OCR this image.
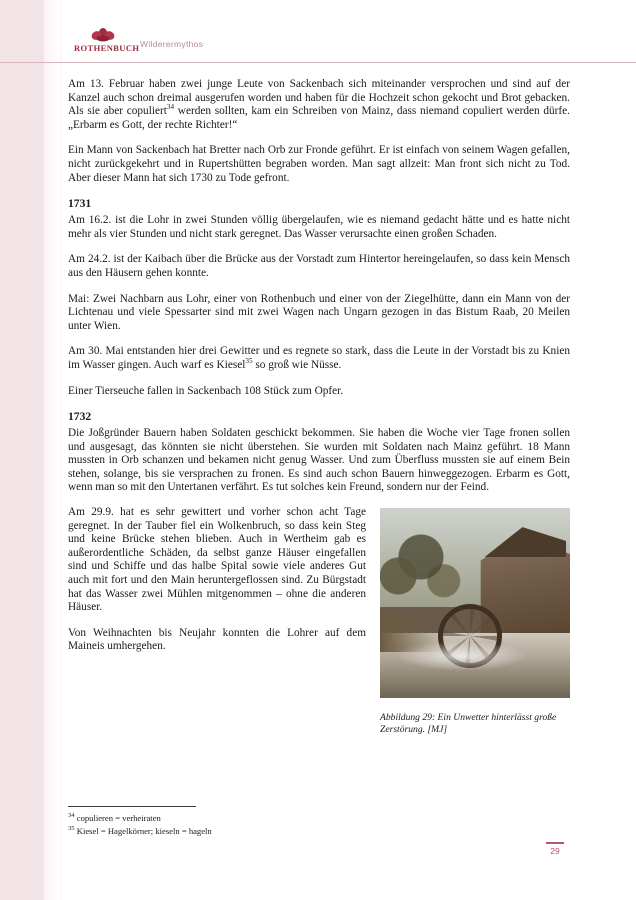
ROTHENBUCH Wilderermythos

Am 13. Februar haben zwei junge Leute von Sackenbach sich miteinander versprochen und sind auf der Kanzel auch schon dreimal ausgerufen worden und haben für die Hochzeit schon gekocht und Brot gebacken. Als sie aber copuliert$^{34}$ werden sollten, kam ein Schreiben von Mainz, dass niemand copuliert werden dürfe. „Erbarm es Gott, der rechte Richter!“

Ein Mann von Sackenbach hat Bretter nach Orb zur Fronde geführt. Er ist einfach von seinem Wagen gefallen, nicht zurückgekehrt und in Rupertshütten begraben worden. Man sagt allzeit: Man front sich nicht zu Tod. Aber dieser Mann hat sich 1730 zu Tode gefront.

1731

Am 16.2. ist die Lohr in zwei Stunden völlig übergelaufen, wie es niemand gedacht hätte und es hatte nicht mehr als vier Stunden und nicht stark geregnet. Das Wasser verursachte einen großen Schaden.

Am 24.2. ist der Kaibach über die Brücke aus der Vorstadt zum Hintertor hereingelaufen, so dass kein Mensch aus den Häusern gehen konnte.

Mai: Zwei Nachbarn aus Lohr, einer von Rothenbuch und einer von der Ziegelhütte, dann ein Mann von der Lichtenau und viele Spessarter sind mit zwei Wagen nach Ungarn gezogen in das Bistum Raab, 20 Meilen unter Wien.

Am 30. Mai entstanden hier drei Gewitter und es regnete so stark, dass die Leute in der Vorstadt bis zu Knien im Wasser gingen. Auch warf es Kiesel$^{35}$ so groß wie Nüsse.

Einer Tierseuche fallen in Sackenbach 108 Stück zum Opfer.

1732

Die Joßgründer Bauern haben Soldaten geschickt bekommen. Sie haben die Woche vier Tage fronen sollen und ausgesagt, das könnten sie nicht überstehen. Sie wurden mit Soldaten nach Mainz geführt. 18 Mann mussten in Orb schanzen und bekamen nicht genug Wasser. Und zum Überfluss mussten sie auf einem Bein stehen, solange, bis sie versprachen zu fronen. Es sind auch schon Bauern hinweggezogen. Erbarm es Gott, wenn man so mit den Untertanen verfährt. Es tut solches kein Freund, sondern nur der Feind.

Abbildung 29: Ein Unwetter hinterlässt große Zerstörung. [MJ]

Am 29.9. hat es sehr gewittert und vorher schon acht Tage geregnet. In der Tauber fiel ein Wolkenbruch, so dass kein Steg und keine Brücke stehen blieben. Auch in Wertheim gab es außerordentliche Schäden, da selbst ganze Häuser eingefallen sind und Schiffe und das halbe Spital sowie viele anderes Gut auch mit fort und den Main heruntergeflossen sind. Zu Bürgstadt hat das Wasser zwei Mühlen mitgenommen – ohne die anderen Häuser.

Von Weihnachten bis Neujahr konnten die Lohrer auf dem Maineis umhergehen.

$^{34}$ copulieren = verheiraten

$^{35}$ Kiesel = Hagelkörner; kieseln = hageln

29
